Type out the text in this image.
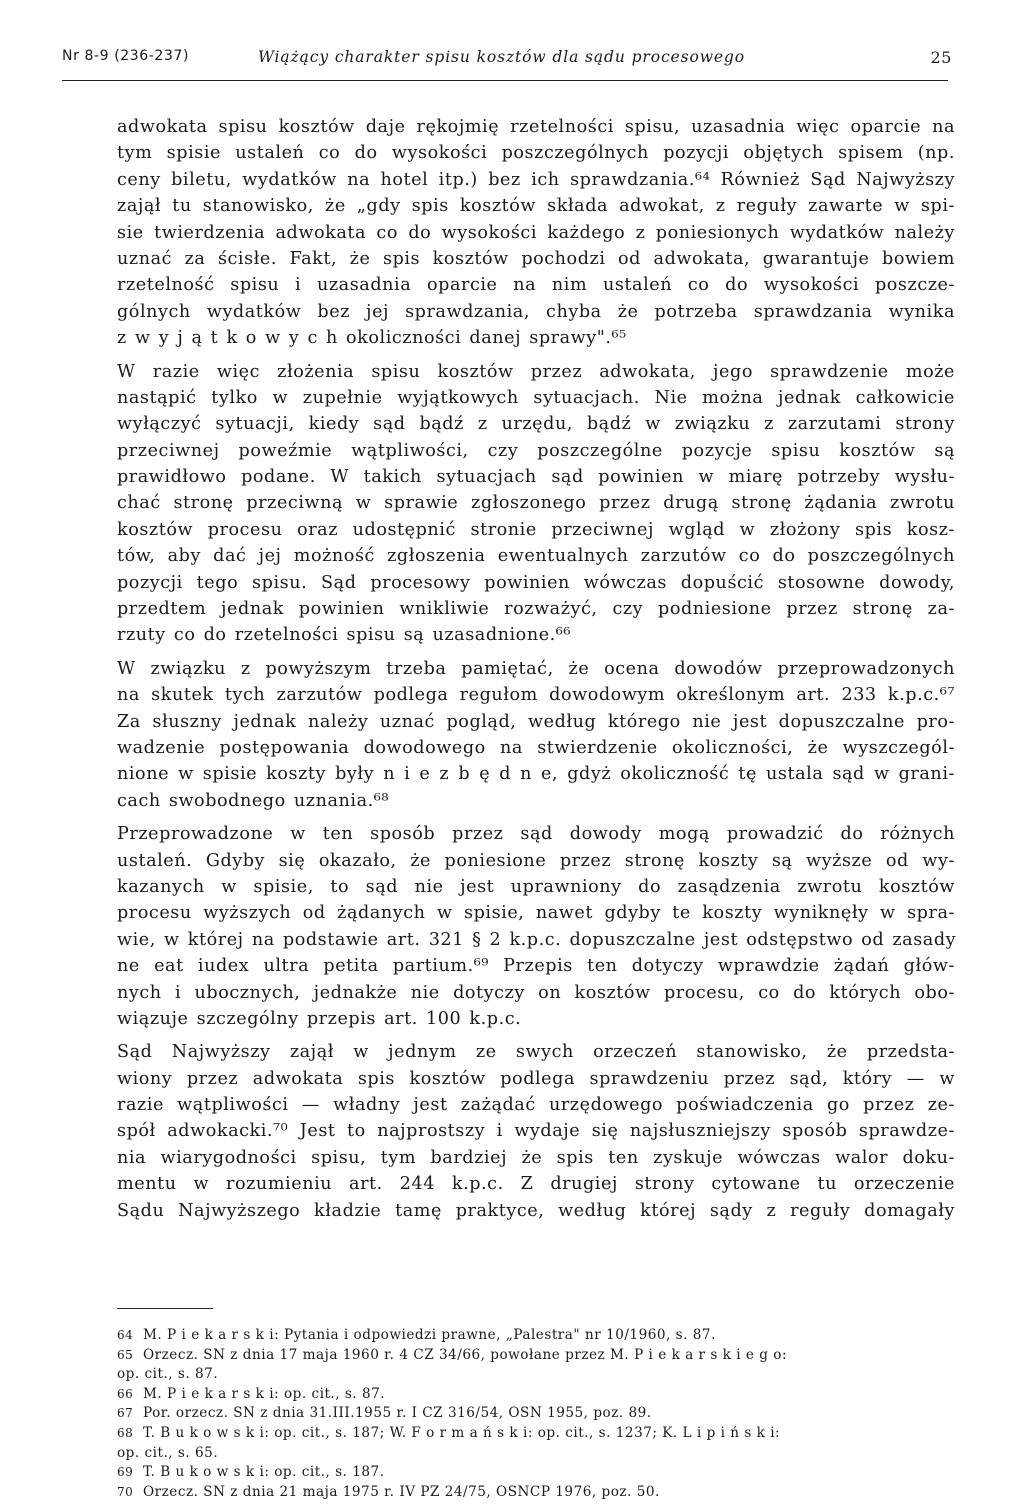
Nr 8-9 (236-237)	Wiążący charakter spisu kosztów dla sądu procesowego	25
adwokata spisu kosztów daje rękojmię rzetelności spisu, uzasadnia więc oparcie na
tym spisie ustaleń co do wysokości poszczególnych pozycji objętych spisem (np.
ceny biletu, wydatków na hotel itp.) bez ich sprawdzania.⁶⁴ Również Sąd Najwyższy
zajął tu stanowisko, że „gdy spis kosztów składa adwokat, z reguły zawarte w spi-
sie twierdzenia adwokata co do wysokości każdego z poniesionych wydatków należy
uznać za ścisłe. Fakt, że spis kosztów pochodzi od adwokata, gwarantuje bowiem
rzetelność spisu i uzasadnia oparcie na nim ustaleń co do wysokości poszcze-
gólnych wydatków bez jej sprawdzania, chyba że potrzeba sprawdzania wynika
z w y j ą t k o w y c h okoliczności danej sprawy".⁶⁵
W razie więc złożenia spisu kosztów przez adwokata, jego sprawdzenie może
nastąpić tylko w zupełnie wyjątkowych sytuacjach. Nie można jednak całkowicie
wyłączyć sytuacji, kiedy sąd bądź z urzędu, bądź w związku z zarzutami strony
przeciwnej poweźmie wątpliwości, czy poszczególne pozycje spisu kosztów są
prawidłowo podane. W takich sytuacjach sąd powinien w miarę potrzeby wysłu-
chać stronę przeciwną w sprawie zgłoszonego przez drugą stronę żądania zwrotu
kosztów procesu oraz udostępnić stronie przeciwnej wgląd w złożony spis kosz-
tów, aby dać jej możność zgłoszenia ewentualnych zarzutów co do poszczególnych
pozycji tego spisu. Sąd procesowy powinien wówczas dopuścić stosowne dowody,
przedtem jednak powinien wnikliwie rozważyć, czy podniesione przez stronę za-
rzuty co do rzetelności spisu są uzasadnione.⁶⁶
W związku z powyższym trzeba pamiętać, że ocena dowodów przeprowadzonych
na skutek tych zarzutów podlega regułom dowodowym określonym art. 233 k.p.c.⁶⁷
Za słuszny jednak należy uznać pogląd, według którego nie jest dopuszczalne pro-
wadzenie postępowania dowodowego na stwierdzenie okoliczności, że wyszczegól-
nione w spisie koszty były n i e z b ę d n e, gdyż okoliczność tę ustala sąd w grani-
cach swobodnego uznania.⁶⁸
Przeprowadzone w ten sposób przez sąd dowody mogą prowadzić do różnych
ustaleń. Gdyby się okazało, że poniesione przez stronę koszty są wyższe od wy-
kazanych w spisie, to sąd nie jest uprawniony do zasądzenia zwrotu kosztów
procesu wyższych od żądanych w spisie, nawet gdyby te koszty wyniknęły w spra-
wie, w której na podstawie art. 321 § 2 k.p.c. dopuszczalne jest odstępstwo od zasady
ne eat iudex ultra petita partium.⁶⁹ Przepis ten dotyczy wprawdzie żądań głów-
nych i ubocznych, jednakże nie dotyczy on kosztów procesu, co do których obo-
wiązuje szczególny przepis art. 100 k.p.c.
Sąd Najwyższy zajął w jednym ze swych orzeczeń stanowisko, że przedsta-
wiony przez adwokata spis kosztów podlega sprawdzeniu przez sąd, który — w
razie wątpliwości — władny jest zażądać urzędowego poświadczenia go przez ze-
spół adwokacki.⁷⁰ Jest to najprostszy i wydaje się najsłuszniejszy sposób sprawdze-
nia wiarygodności spisu, tym bardziej że spis ten zyskuje wówczas walor doku-
mentu w rozumieniu art. 244 k.p.c. Z drugiej strony cytowane tu orzeczenie
Sądu Najwyższego kładzie tamę praktyce, według której sądy z reguły domagały
64 M. P i e k a r s k i: Pytania i odpowiedzi prawne, „Palestra" nr 10/1960, s. 87.
65 Orzecz. SN z dnia 17 maja 1960 r. 4 CZ 34/66, powołane przez M. P i e k a r s k i e g o:
op. cit., s. 87.
66 M. P i e k a r s k i: op. cit., s. 87.
67 Por. orzecz. SN z dnia 31.III.1955 r. I CZ 316/54, OSN 1955, poz. 89.
68 T. B u k o w s k i: op. cit., s. 187; W. F o r m a ń s k i: op. cit., s. 1237; K. L i p i ń s k i:
op. cit., s. 65.
69 T. B u k o w s k i: op. cit., s. 187.
70 Orzecz. SN z dnia 21 maja 1975 r. IV PZ 24/75, OSNCP 1976, poz. 50.
